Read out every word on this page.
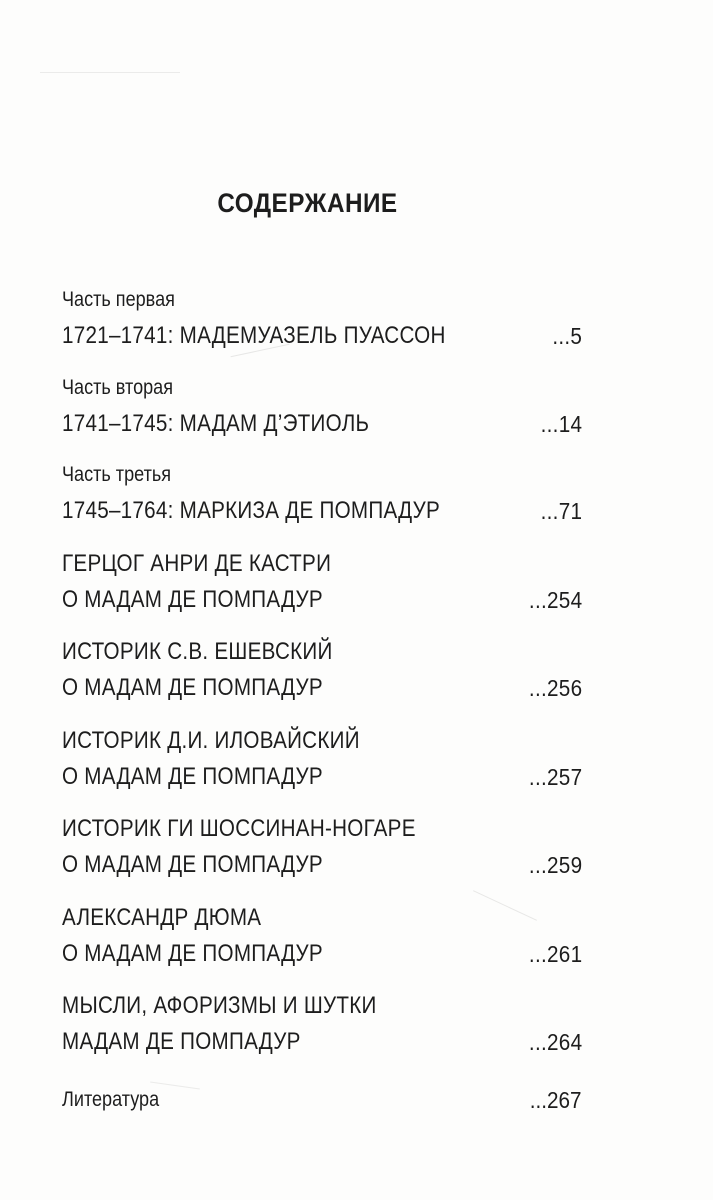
СОДЕРЖАНИЕ
Часть первая
1721–1741: МАДЕМУАЗЕЛЬ ПУАССОН	...5
Часть вторая
1741–1745: МАДАМ Д’ЭТИОЛЬ	...14
Часть третья
1745–1764: МАРКИЗА ДЕ ПОМПАДУР	...71
ГЕРЦОГ АНРИ ДЕ КАСТРИ
О МАДАМ ДЕ ПОМПАДУР	...254
ИСТОРИК С.В. ЕШЕВСКИЙ
О МАДАМ ДЕ ПОМПАДУР	...256
ИСТОРИК Д.И. ИЛОВАЙСКИЙ
О МАДАМ ДЕ ПОМПАДУР	...257
ИСТОРИК ГИ ШОССИНАН-НОГАРЕ
О МАДАМ ДЕ ПОМПАДУР	...259
АЛЕКСАНДР ДЮМА
О МАДАМ ДЕ ПОМПАДУР	...261
МЫСЛИ, АФОРИЗМЫ И ШУТКИ
МАДАМ ДЕ ПОМПАДУР	...264
Литература	...267
